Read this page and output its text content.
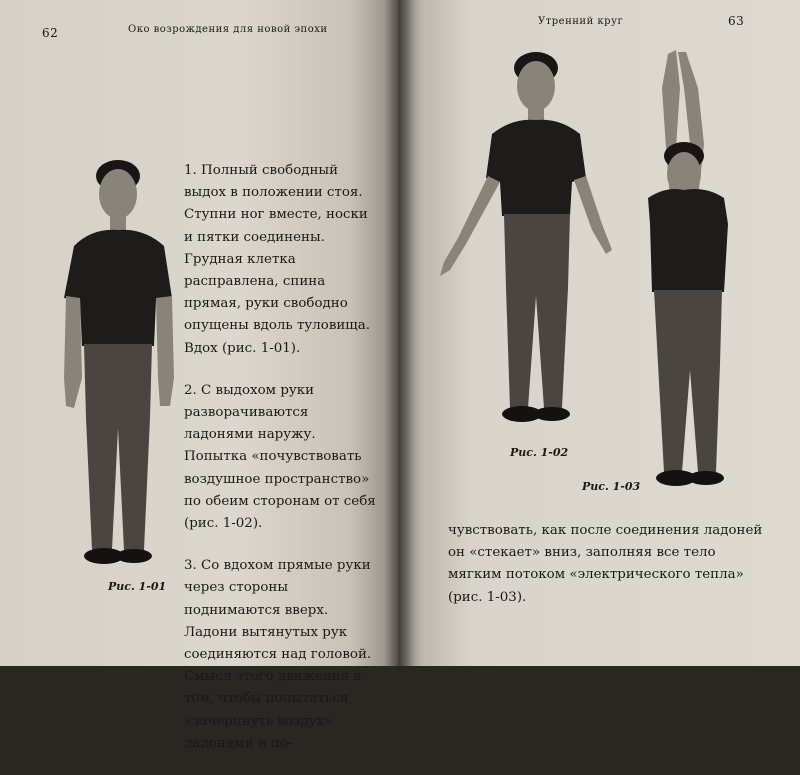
62	Око возрождения для новой эпохи
Рис. 1-01

1. Полный свободный выдох в положении стоя. Ступни ног вместе, носки и пятки соединены. Грудная клетка расправлена, спина прямая, руки свободно опущены вдоль туловища. Вдох (рис. 1-01).

2. С выдохом руки разворачиваются ладонями наружу. Попытка «почувствовать воздушное пространство» по обеим сторонам от себя (рис. 1-02).

3. Со вдохом прямые руки через стороны поднимаются вверх. Ладони вытянутых рук соединяются над головой. Смысл этого движения в том, чтобы попытаться «зачерпнуть воздух» ладонями и по-

Утренний круг	63
Рис. 1-02
Рис. 1-03
чувствовать, как после соединения ладоней он «стекает» вниз, заполняя все тело мягким потоком «электрического тепла» (рис. 1-03).
